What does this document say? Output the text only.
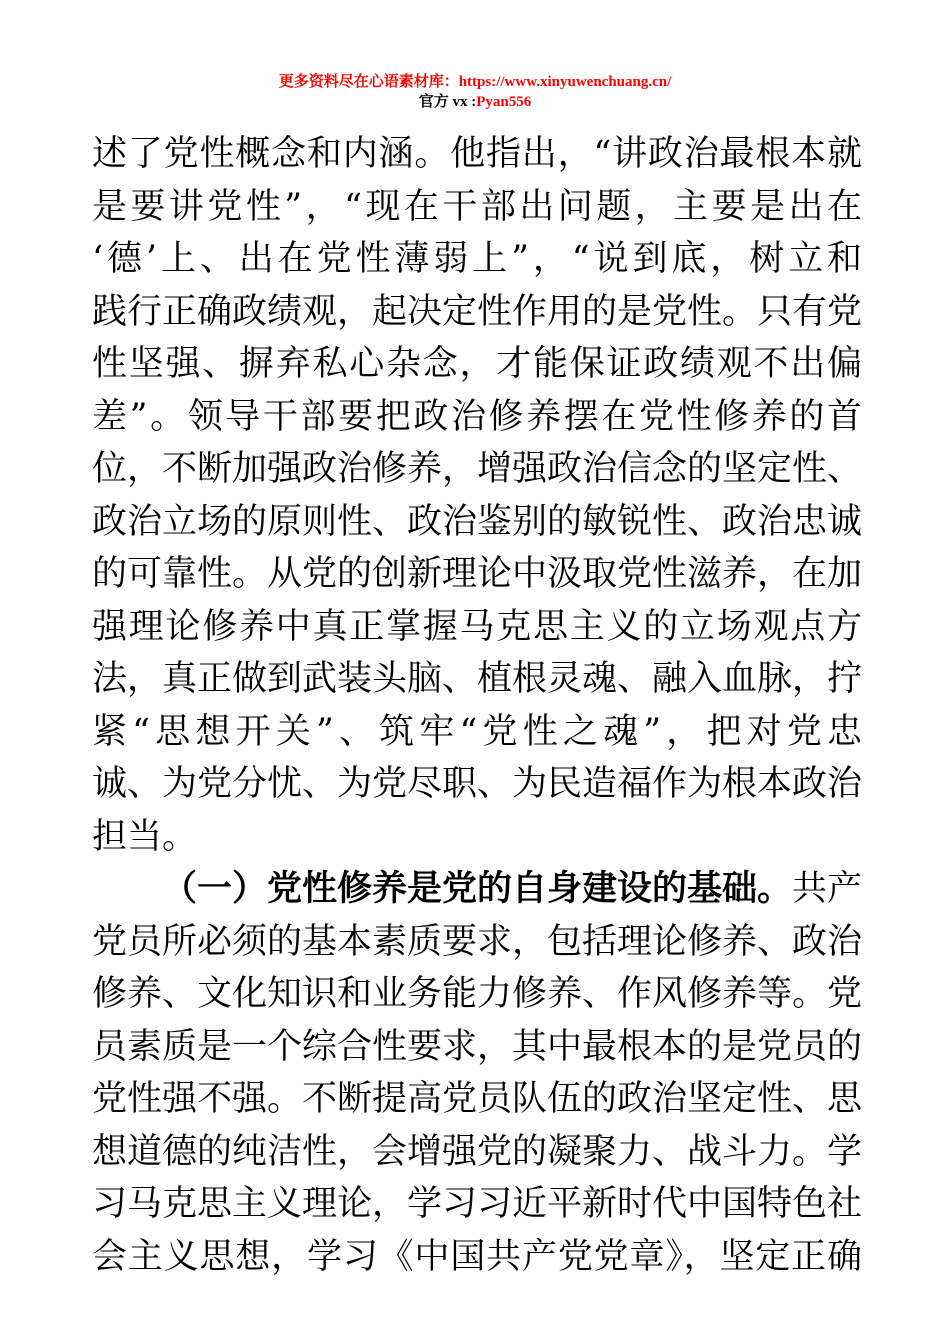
更多资料尽在心语素材库：https://www.xinyuwenchuang.cn/
官方 vx :Pyan556
述了党性概念和内涵。他指出，“讲政治最根本就
是要讲党性”，“现在干部出问题，主要是出在
‘德’上、出在党性薄弱上”，“说到底，树立和
践行正确政绩观，起决定性作用的是党性。只有党
性坚强、摒弃私心杂念，才能保证政绩观不出偏
差”。领导干部要把政治修养摆在党性修养的首
位，不断加强政治修养，增强政治信念的坚定性、
政治立场的原则性、政治鉴别的敏锐性、政治忠诚
的可靠性。从党的创新理论中汲取党性滋养，在加
强理论修养中真正掌握马克思主义的立场观点方
法，真正做到武装头脑、植根灵魂、融入血脉，拧
紧“思想开关”、筑牢“党性之魂”，把对党忠
诚、为党分忧、为党尽职、为民造福作为根本政治
担当。
（一）党性修养是党的自身建设的基础。共产
党员所必须的基本素质要求，包括理论修养、政治
修养、文化知识和业务能力修养、作风修养等。党
员素质是一个综合性要求，其中最根本的是党员的
党性强不强。不断提高党员队伍的政治坚定性、思
想道德的纯洁性，会增强党的凝聚力、战斗力。学
习马克思主义理论，学习习近平新时代中国特色社
会主义思想，学习《中国共产党党章》，坚定正确
